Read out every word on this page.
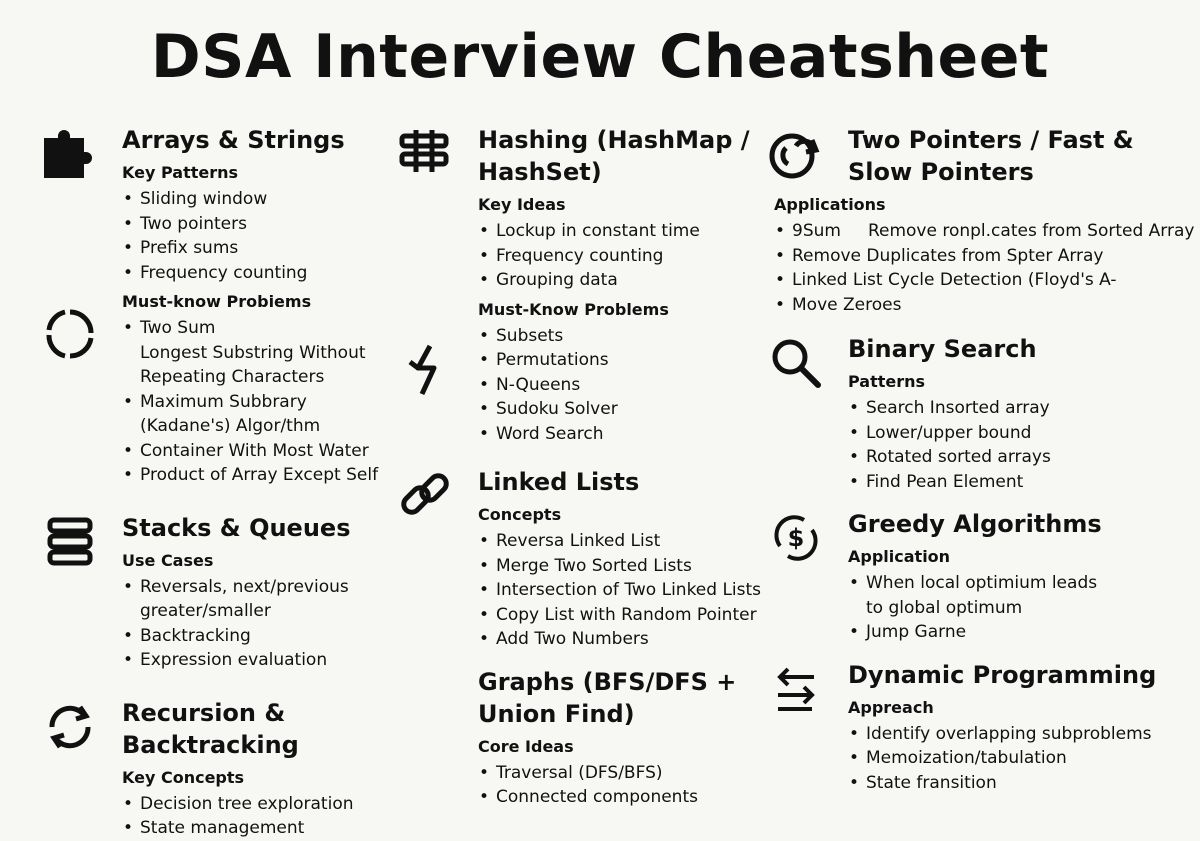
DSA Interview Cheatsheet
Arrays & Strings
Key Patterns
• Sliding window
• Two pointers
• Prefix sums
• Frequency counting
Must-know Probiems
• Two Sum
Longest Substring Without Repeating Characters
• Maximum Subbrary (Kadane's) Algor/thm
• Container With Most Water
• Product of Array Except Self
Stacks & Queues
Use Cases
• Reversals, next/previous greater/smaller
• Backtracking
• Expression evaluation
Recursion & Backtracking
Key Concepts
• Decision tree exploration
• State management
Hashing (HashMap / HashSet)
Key Ideas
• Lockup in constant time
• Frequency counting
• Grouping data
Must-Know Problems
• Subsets
• Permutations
• N-Queens
• Sudoku Solver
• Word Search
Linked Lists
Concepts
• Reversa Linked List
• Merge Two Sorted Lists
• Intersection of Two Linked Lists
• Copy List with Random Pointer
• Add Two Numbers
Graphs (BFS/DFS + Union Find)
Core Ideas
• Traversal (DFS/BFS)
• Connected components
Two Pointers / Fast & Slow Pointers
Applications
• 9Sum     Remove ronpl.cates from Sorted Array
• Remove Duplicates from Spter Array
• Linked List Cycle Detection (Floyd's A-
• Move Zeroes
Binary Search
Patterns
• Search Insorted array
• Lower/upper bound
• Rotated sorted arrays
• Find Pean Element
$ Greedy Algorithms
Application
• When local optimium leads to global optimum
• Jump Garne
Dynamic Programming
Appreach
• Identify overlapping subproblems
• Memoization/tabulation
• State fransition
